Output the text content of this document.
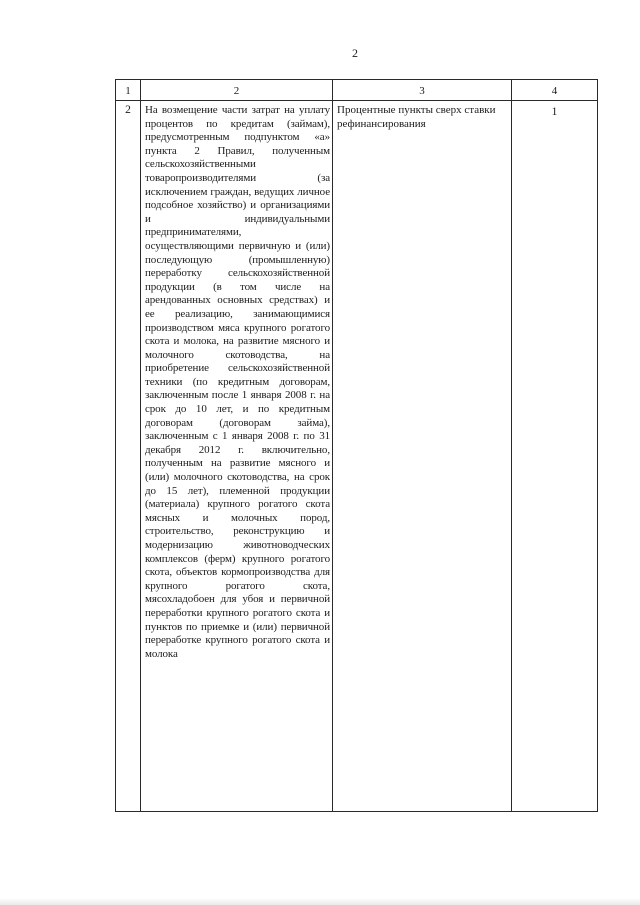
2
1	2	3	4
2	На возмещение части затрат на уплату процентов по кредитам (займам), предусмотренным подпунктом «а» пункта 2 Правил, полученным сельскохозяйственными товаропроизводителями (за исключением граждан, ведущих личное подсобное хозяйство) и организациями и индивидуальными предпринимателями, осуществляющими первичную и (или) последующую (промышленную) переработку сельскохозяйственной продукции (в том числе на арендованных основных средствах) и ее реализацию, занимающимися производством мяса крупного рогатого скота и молока, на развитие мясного и молочного скотоводства, на приобретение сельскохозяйственной техники (по кредитным договорам, заключенным после 1 января 2008 г. на срок до 10 лет, и по кредитным договорам (договорам займа), заключенным с 1 января 2008 г. по 31 декабря 2012 г. включительно, полученным на развитие мясного и (или) молочного скотоводства, на срок до 15 лет), племенной продукции (материала) крупного рогатого скота мясных и молочных пород, строительство, реконструкцию и модернизацию животноводческих комплексов (ферм) крупного рогатого скота, объектов кормопроизводства для крупного рогатого скота, мясохладобоен для убоя и первичной переработки крупного рогатого скота и пунктов по приемке и (или) первичной переработке крупного рогатого скота и молока	Процентные пункты сверх ставки рефинансирования	1
